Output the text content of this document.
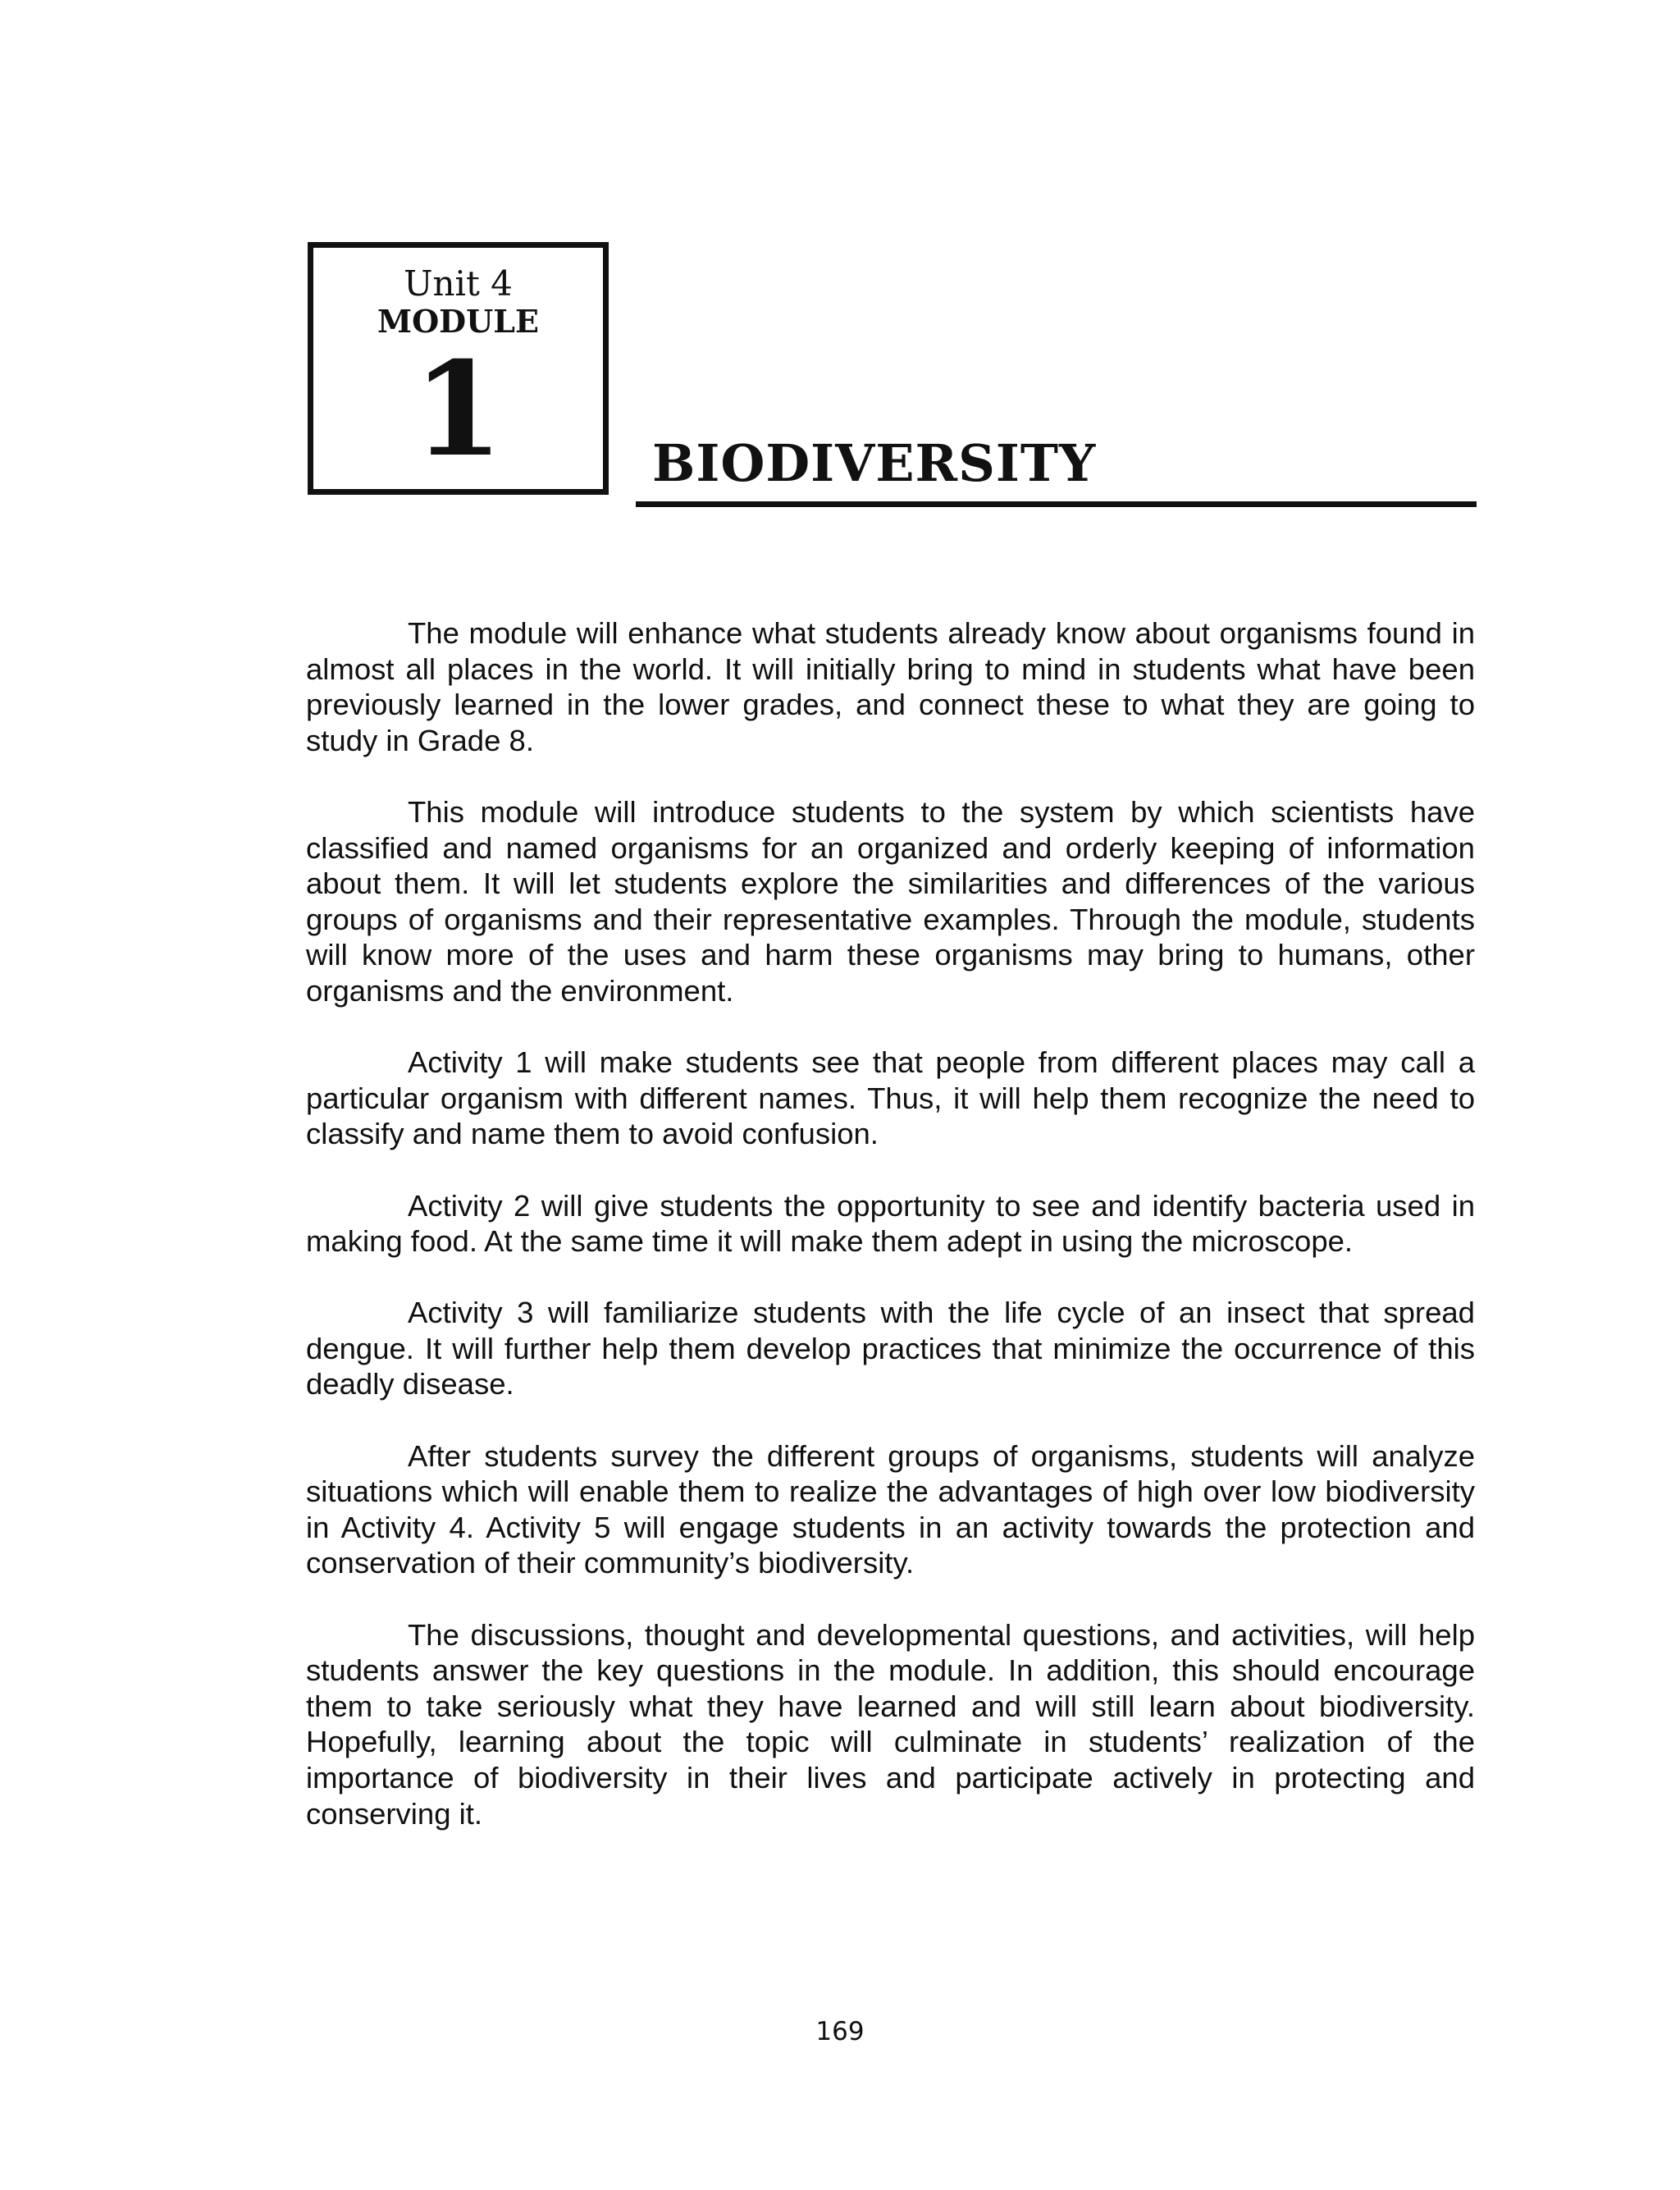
Unit 4
MODULE
1	BIODIVERSITY

The module will enhance what students already know about organisms found in almost all places in the world. It will initially bring to mind in students what have been previously learned in the lower grades, and connect these to what they are going to study in Grade 8.

This module will introduce students to the system by which scientists have classified and named organisms for an organized and orderly keeping of information about them. It will let students explore the similarities and differences of the various groups of organisms and their representative examples. Through the module, students will know more of the uses and harm these organisms may bring to humans, other organisms and the environment.

Activity 1 will make students see that people from different places may call a particular organism with different names. Thus, it will help them recognize the need to classify and name them to avoid confusion.

Activity 2 will give students the opportunity to see and identify bacteria used in making food. At the same time it will make them adept in using the microscope.

Activity 3 will familiarize students with the life cycle of an insect that spread dengue. It will further help them develop practices that minimize the occurrence of this deadly disease.

After students survey the different groups of organisms, students will analyze situations which will enable them to realize the advantages of high over low biodiversity in Activity 4. Activity 5 will engage students in an activity towards the protection and conservation of their community’s biodiversity.

The discussions, thought and developmental questions, and activities, will help students answer the key questions in the module. In addition, this should encourage them to take seriously what they have learned and will still learn about biodiversity. Hopefully, learning about the topic will culminate in students’ realization of the importance of biodiversity in their lives and participate actively in protecting and conserving it.

169
